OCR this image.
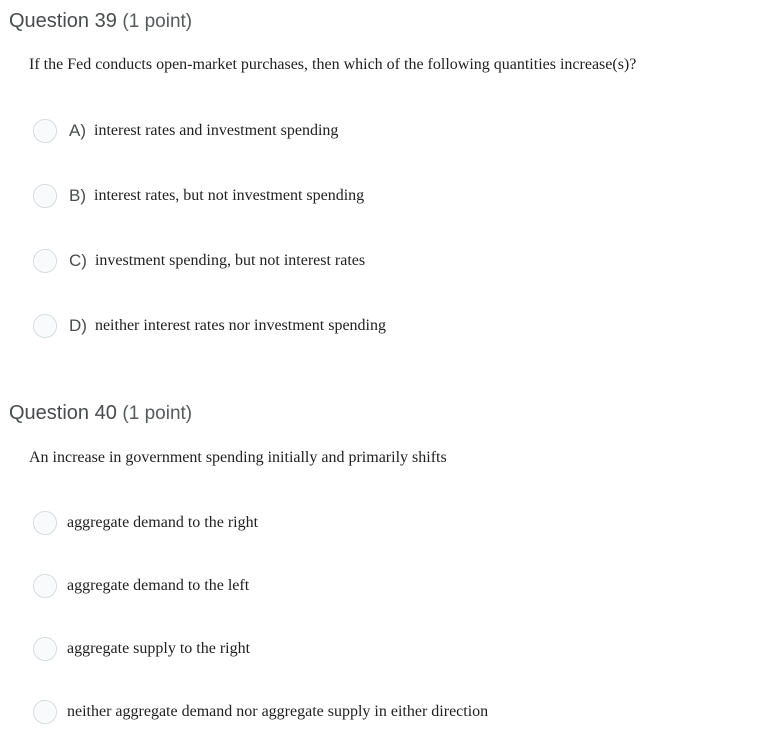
Question 39 (1 point)
If the Fed conducts open-market purchases, then which of the following quantities increase(s)?
A) interest rates and investment spending
B) interest rates, but not investment spending
C) investment spending, but not interest rates
D) neither interest rates nor investment spending
Question 40 (1 point)
An increase in government spending initially and primarily shifts
aggregate demand to the right
aggregate demand to the left
aggregate supply to the right
neither aggregate demand nor aggregate supply in either direction
